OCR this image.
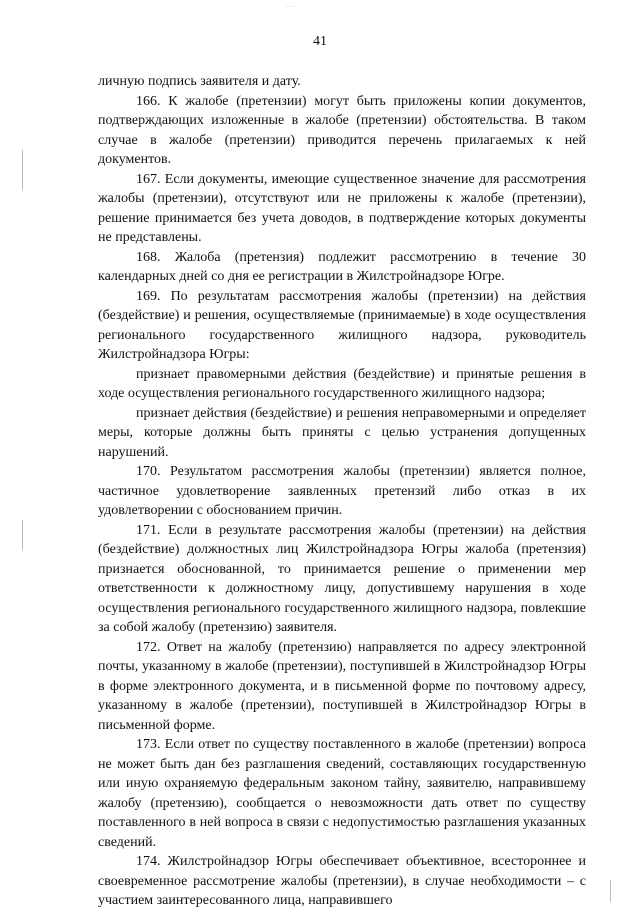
. . .
41

личную подпись заявителя и дату.

166. К жалобе (претензии) могут быть приложены копии документов, подтверждающих изложенные в жалобе (претензии) обстоятельства. В таком случае в жалобе (претензии) приводится перечень прилагаемых к ней документов.

167. Если документы, имеющие существенное значение для рассмотрения жалобы (претензии), отсутствуют или не приложены к жалобе (претензии), решение принимается без учета доводов, в подтверждение которых документы не представлены.

168. Жалоба (претензия) подлежит рассмотрению в течение 30 календарных дней со дня ее регистрации в Жилстройнадзоре Югре.

169. По результатам рассмотрения жалобы (претензии) на действия (бездействие) и решения, осуществляемые (принимаемые) в ходе осуществления регионального государственного жилищного надзора, руководитель Жилстройнадзора Югры:

признает правомерными действия (бездействие) и принятые решения в ходе осуществления регионального государственного жилищного надзора;

признает действия (бездействие) и решения неправомерными и определяет меры, которые должны быть приняты с целью устранения допущенных нарушений.

170. Результатом рассмотрения жалобы (претензии) является полное, частичное удовлетворение заявленных претензий либо отказ в их удовлетворении с обоснованием причин.

171. Если в результате рассмотрения жалобы (претензии) на действия (бездействие) должностных лиц Жилстройнадзора Югры жалоба (претензия) признается обоснованной, то принимается решение о применении мер ответственности к должностному лицу, допустившему нарушения в ходе осуществления регионального государственного жилищного надзора, повлекшие за собой жалобу (претензию) заявителя.

172. Ответ на жалобу (претензию) направляется по адресу электронной почты, указанному в жалобе (претензии), поступившей в Жилстройнадзор Югры в форме электронного документа, и в письменной форме по почтовому адресу, указанному в жалобе (претензии), поступившей в Жилстройнадзор Югры в письменной форме.

173. Если ответ по существу поставленного в жалобе (претензии) вопроса не может быть дан без разглашения сведений, составляющих государственную или иную охраняемую федеральным законом тайну, заявителю, направившему жалобу (претензию), сообщается о невозможности дать ответ по существу поставленного в ней вопроса в связи с недопустимостью разглашения указанных сведений.

174. Жилстройнадзор Югры обеспечивает объективное, всестороннее и своевременное рассмотрение жалобы (претензии), в случае необходимости – с участием заинтересованного лица, направившего
